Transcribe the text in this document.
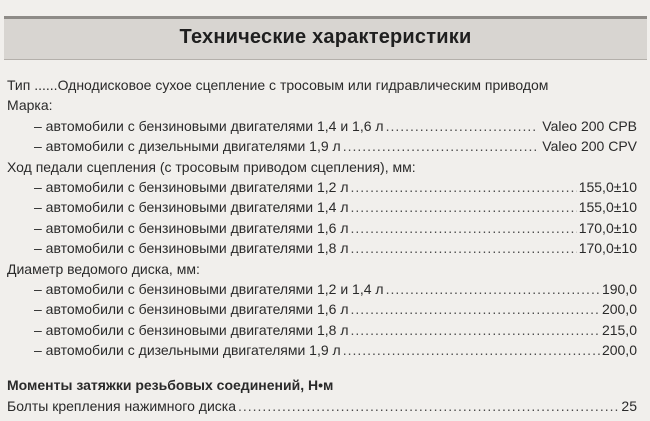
Технические характеристики
Тип ...... Однодисковое сухое сцепление с тросовым или гидравлическим приводом
Марка:
– автомобили с бензиновыми двигателями 1,4 и 1,6 л .....	Valeo 200 CPB
– автомобили с дизельными двигателями 1,9 л .....	Valeo 200 CPV
Ход педали сцепления (с тросовым приводом сцепления), мм:
– автомобили с бензиновыми двигателями 1,2 л .....	155,0±10
– автомобили с бензиновыми двигателями 1,4 л .....	155,0±10
– автомобили с бензиновыми двигателями 1,6 л .....	170,0±10
– автомобили с бензиновыми двигателями 1,8 л .....	170,0±10
Диаметр ведомого диска, мм:
– автомобили с бензиновыми двигателями 1,2 и 1,4 л .....	190,0
– автомобили с бензиновыми двигателями 1,6 л .....	200,0
– автомобили с бензиновыми двигателями 1,8 л .....	215,0
– автомобили с дизельными двигателями 1,9 л .....	200,0
Моменты затяжки резьбовых соединений, Н•м
Болты крепления нажимного диска .....	25
